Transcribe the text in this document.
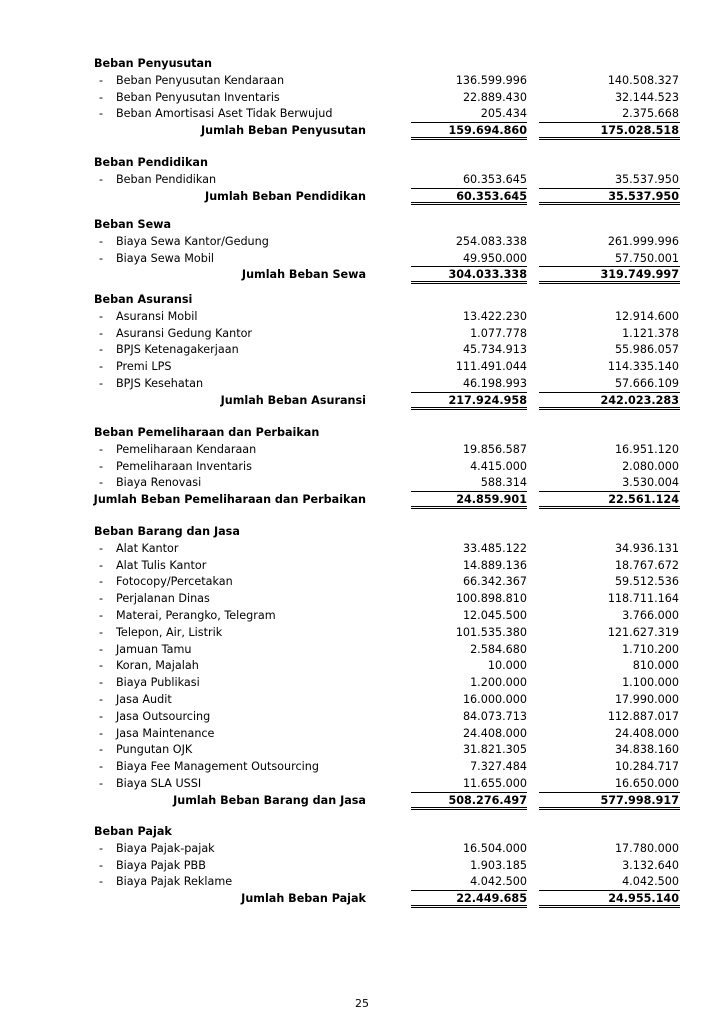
Beban Penyusutan
- Beban Penyusutan Kendaraan	136.599.996	140.508.327
- Beban Penyusutan Inventaris	22.889.430	32.144.523
- Beban Amortisasi Aset Tidak Berwujud	205.434	2.375.668
Jumlah Beban Penyusutan	159.694.860	175.028.518
Beban Pendidikan
- Beban Pendidikan	60.353.645	35.537.950
Jumlah Beban Pendidikan	60.353.645	35.537.950
Beban Sewa
- Biaya Sewa Kantor/Gedung	254.083.338	261.999.996
- Biaya Sewa Mobil	49.950.000	57.750.001
Jumlah Beban Sewa	304.033.338	319.749.997
Beban Asuransi
- Asuransi Mobil	13.422.230	12.914.600
- Asuransi Gedung Kantor	1.077.778	1.121.378
- BPJS Ketenagakerjaan	45.734.913	55.986.057
- Premi LPS	111.491.044	114.335.140
- BPJS Kesehatan	46.198.993	57.666.109
Jumlah Beban Asuransi	217.924.958	242.023.283
Beban Pemeliharaan dan Perbaikan
- Pemeliharaan Kendaraan	19.856.587	16.951.120
- Pemeliharaan Inventaris	4.415.000	2.080.000
- Biaya Renovasi	588.314	3.530.004
Jumlah Beban Pemeliharaan dan Perbaikan	24.859.901	22.561.124
Beban Barang dan Jasa
- Alat Kantor	33.485.122	34.936.131
- Alat Tulis Kantor	14.889.136	18.767.672
- Fotocopy/Percetakan	66.342.367	59.512.536
- Perjalanan Dinas	100.898.810	118.711.164
- Materai, Perangko, Telegram	12.045.500	3.766.000
- Telepon, Air, Listrik	101.535.380	121.627.319
- Jamuan Tamu	2.584.680	1.710.200
- Koran, Majalah	10.000	810.000
- Biaya Publikasi	1.200.000	1.100.000
- Jasa Audit	16.000.000	17.990.000
- Jasa Outsourcing	84.073.713	112.887.017
- Jasa Maintenance	24.408.000	24.408.000
- Pungutan OJK	31.821.305	34.838.160
- Biaya Fee Management Outsourcing	7.327.484	10.284.717
- Biaya SLA USSI	11.655.000	16.650.000
Jumlah Beban Barang dan Jasa	508.276.497	577.998.917
Beban Pajak
- Biaya Pajak-pajak	16.504.000	17.780.000
- Biaya Pajak PBB	1.903.185	3.132.640
- Biaya Pajak Reklame	4.042.500	4.042.500
Jumlah Beban Pajak	22.449.685	24.955.140
25
